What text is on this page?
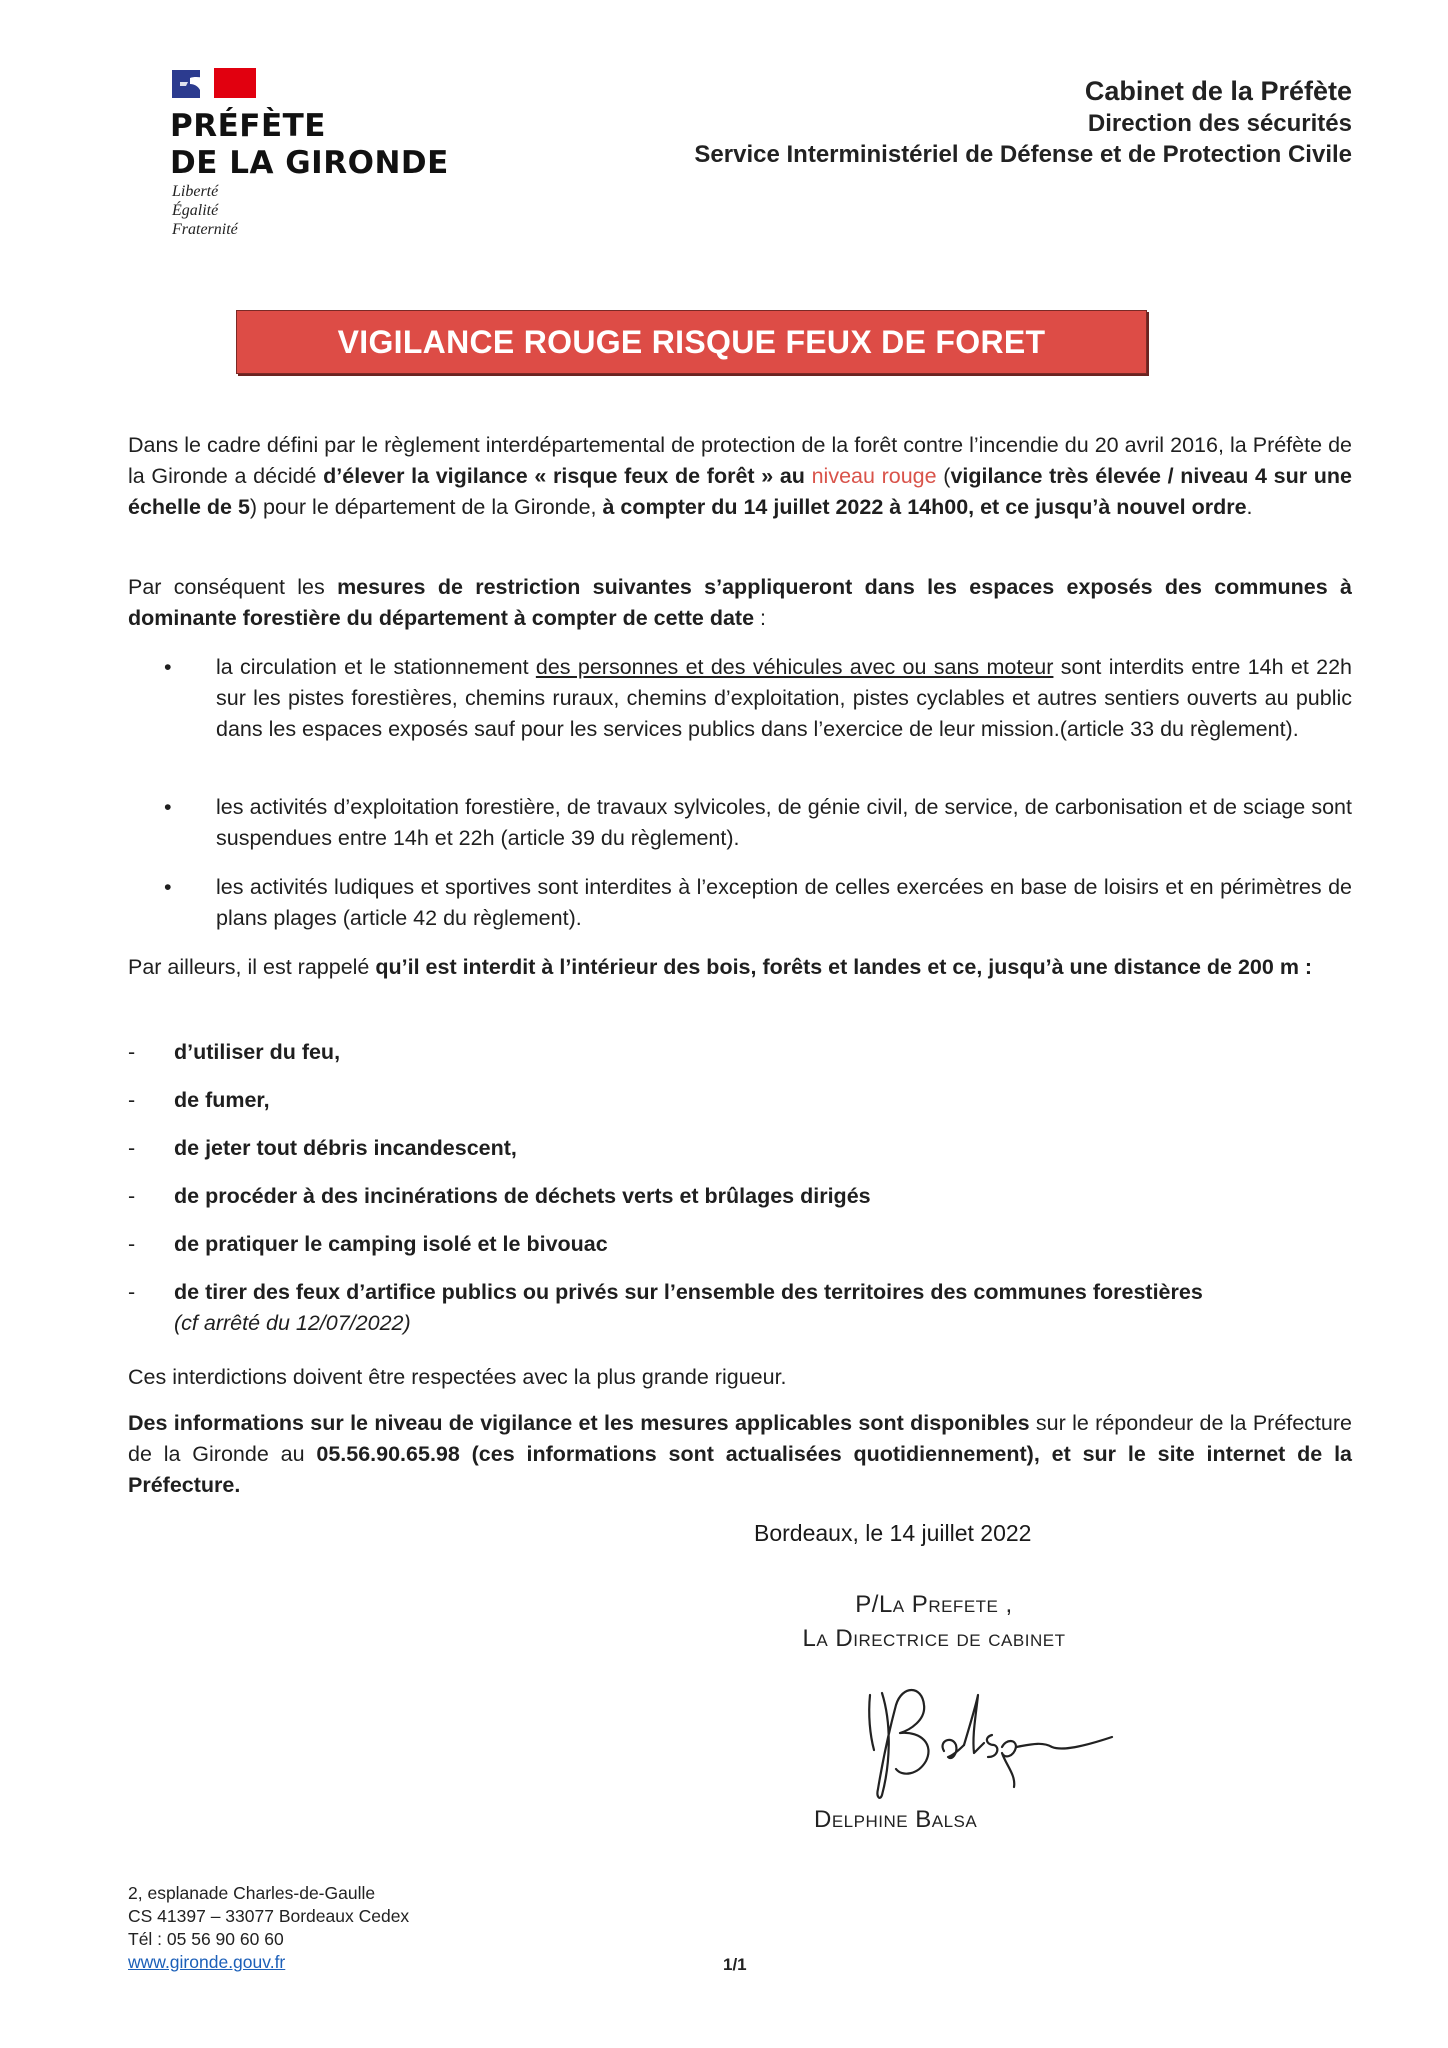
PRÉFÈTE
DE LA GIRONDE
Liberté
Égalité
Fraternité
Cabinet de la Préfète
Direction des sécurités
Service Interministériel de Défense et de Protection Civile
VIGILANCE ROUGE RISQUE FEUX DE FORET
Dans le cadre défini par le règlement interdépartemental de protection de la forêt contre l’incendie du 20 avril 2016, la Préfète de la Gironde a décidé d’élever la vigilance « risque feux de forêt » au niveau rouge (vigilance très élevée / niveau 4 sur une échelle de 5) pour le département de la Gironde, à compter du 14 juillet 2022 à 14h00, et ce jusqu’à nouvel ordre.
Par conséquent les mesures de restriction suivantes s’appliqueront dans les espaces exposés des communes à dominante forestière du département à compter de cette date :
• la circulation et le stationnement des personnes et des véhicules avec ou sans moteur sont interdits entre 14h et 22h sur les pistes forestières, chemins ruraux, chemins d’exploitation, pistes cyclables et autres sentiers ouverts au public dans les espaces exposés sauf pour les services publics dans l’exercice de leur mission.(article 33 du règlement).
• les activités d’exploitation forestière, de travaux sylvicoles, de génie civil, de service, de carbonisation et de sciage sont suspendues entre 14h et 22h (article 39 du règlement).
• les activités ludiques et sportives sont interdites à l’exception de celles exercées en base de loisirs et en périmètres de plans plages (article 42 du règlement).
Par ailleurs, il est rappelé qu’il est interdit à l’intérieur des bois, forêts et landes et ce, jusqu’à une distance de 200 m :
- d’utiliser du feu,
- de fumer,
- de jeter tout débris incandescent,
- de procéder à des incinérations de déchets verts et brûlages dirigés
- de pratiquer le camping isolé et le bivouac
- de tirer des feux d’artifice publics ou privés sur l’ensemble des territoires des communes forestières
(cf arrêté du 12/07/2022)
Ces interdictions doivent être respectées avec la plus grande rigueur.
Des informations sur le niveau de vigilance et les mesures applicables sont disponibles sur le répondeur de la Préfecture de la Gironde au 05.56.90.65.98 (ces informations sont actualisées quotidiennement), et sur le site internet de la Préfecture.
Bordeaux, le 14 juillet 2022
P/La Prefete ,
La Directrice de cabinet
Delphine Balsa
2, esplanade Charles-de-Gaulle
CS 41397 – 33077 Bordeaux Cedex
Tél : 05 56 90 60 60
www.gironde.gouv.fr	1/1
